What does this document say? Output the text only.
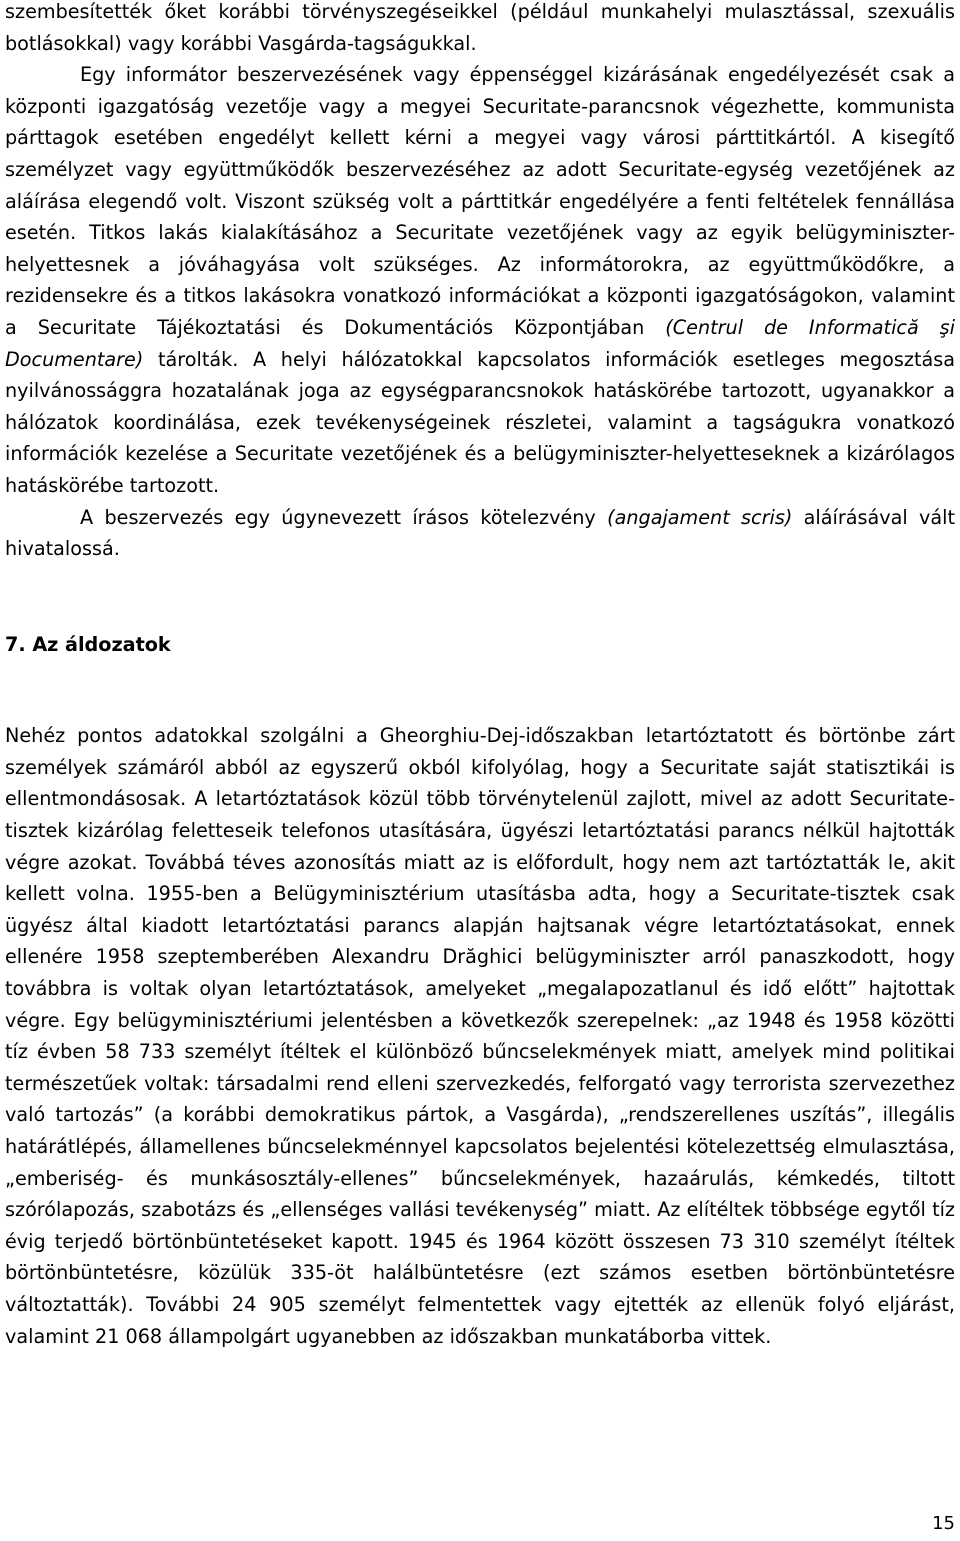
szembesítették őket korábbi törvényszegéseikkel (például munkahelyi mulasztással, szexuális botlásokkal) vagy korábbi Vasgárda-tagságukkal.

Egy informátor beszervezésének vagy éppenséggel kizárásának engedélyezését csak a központi igazgatóság vezetője vagy a megyei Securitate-parancsnok végezhette, kommunista párttagok esetében engedélyt kellett kérni a megyei vagy városi párttitkártól. A kisegítő személyzet vagy együttműködők beszervezéséhez az adott Securitate-egység vezetőjének az aláírása elegendő volt. Viszont szükség volt a párttitkár engedélyére a fenti feltételek fennállása esetén. Titkos lakás kialakításához a Securitate vezetőjének vagy az egyik belügyminiszter-helyettesnek a jóváhagyása volt szükséges. Az informátorokra, az együttműködőkre, a rezidensekre és a titkos lakásokra vonatkozó információkat a központi igazgatóságokon, valamint a Securitate Tájékoztatási és Dokumentációs Központjában (Centrul de Informatică şi Documentare) tárolták. A helyi hálózatokkal kapcsolatos információk esetleges megosztása nyilvánossággra hozatalának joga az egységparancsnokok hatáskörébe tartozott, ugyanakkor a hálózatok koordinálása, ezek tevékenységeinek részletei, valamint a tagságukra vonatkozó információk kezelése a Securitate vezetőjének és a belügyminiszter-helyetteseknek a kizárólagos hatáskörébe tartozott.

A beszervezés egy úgynevezett írásos kötelezvény (angajament scris) aláírásával vált hivatalossá.

7. Az áldozatok

Nehéz pontos adatokkal szolgálni a Gheorghiu-Dej-időszakban letartóztatott és börtönbe zárt személyek számáról abból az egyszerű okból kifolyólag, hogy a Securitate saját statisztikái is ellentmondásosak. A letartóztatások közül több törvénytelenül zajlott, mivel az adott Securitate-tisztek kizárólag feletteseik telefonos utasítására, ügyészi letartóztatási parancs nélkül hajtották végre azokat. Továbbá téves azonosítás miatt az is előfordult, hogy nem azt tartóztatták le, akit kellett volna. 1955-ben a Belügyminisztérium utasításba adta, hogy a Securitate-tisztek csak ügyész által kiadott letartóztatási parancs alapján hajtsanak végre letartóztatásokat, ennek ellenére 1958 szeptemberében Alexandru Drăghici belügyminiszter arról panaszkodott, hogy továbbra is voltak olyan letartóztatások, amelyeket „megalapozatlanul és idő előtt” hajtottak végre. Egy belügyminisztériumi jelentésben a következők szerepelnek: „az 1948 és 1958 közötti tíz évben 58 733 személyt ítéltek el különböző bűncselekmények miatt, amelyek mind politikai természetűek voltak: társadalmi rend elleni szervezkedés, felforgató vagy terrorista szervezethez való tartozás” (a korábbi demokratikus pártok, a Vasgárda), „rendszerellenes uszítás”, illegális határátlépés, államellenes bűncselekménnyel kapcsolatos bejelentési kötelezettség elmulasztása, „emberiség- és munkásosztály-ellenes” bűncselekmények, hazaárulás, kémkedés, tiltott szórólapozás, szabotázs és „ellenséges vallási tevékenység” miatt. Az elítéltek többsége egytől tíz évig terjedő börtönbüntetéseket kapott. 1945 és 1964 között összesen 73 310 személyt ítéltek börtönbüntetésre, közülük 335-öt halálbüntetésre (ezt számos esetben börtönbüntetésre változtatták). További 24 905 személyt felmentettek vagy ejtették az ellenük folyó eljárást, valamint 21 068 állampolgárt ugyanebben az időszakban munkatáborba vittek.

15
